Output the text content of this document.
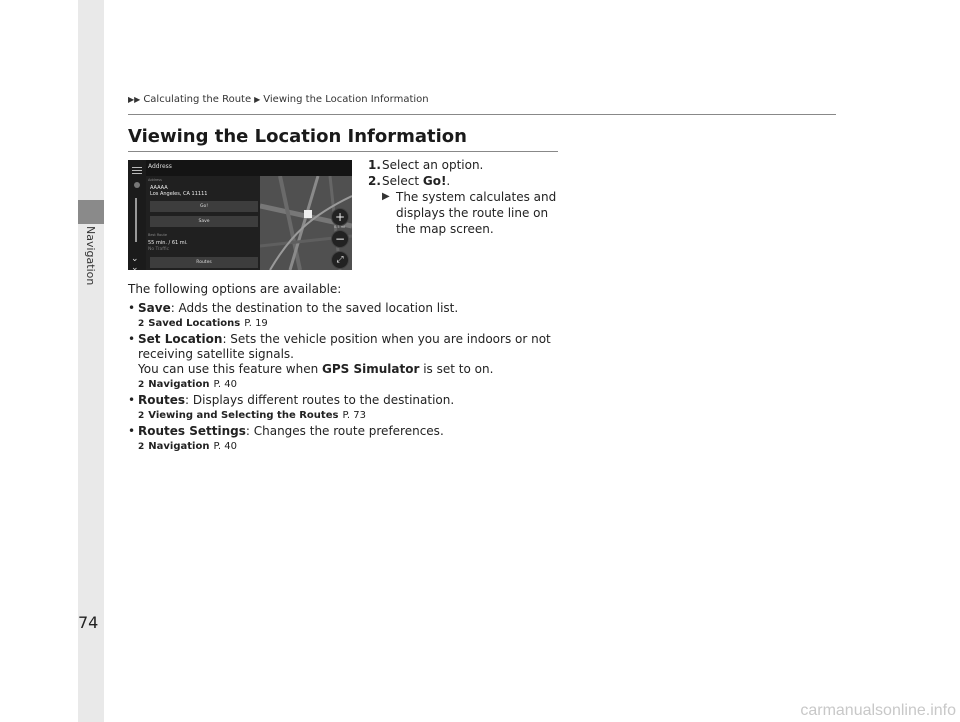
Navigation
▶▶ Calculating the Route ▶ Viewing the Location Information
Viewing the Location Information
⌄
⌄
Address
Address
AAAAA
Los Angeles, CA 11111
Go!
Save
Best Route
55 min. / 61 mi.
No Traffic
Routes
+
0.5 mi
−
⤢
1. Select an option.
2. Select Go!.
▶ The system calculates and displays the route line on the map screen.

The following options are available:

• Save: Adds the destination to the saved location list.
2 Saved Locations P. 19
• Set Location: Sets the vehicle position when you are indoors or not receiving satellite signals.
You can use this feature when GPS Simulator is set to on.
2 Navigation P. 40
• Routes: Displays different routes to the destination.
2 Viewing and Selecting the Routes P. 73
• Routes Settings: Changes the route preferences.
2 Navigation P. 40
74
carmanualsonline.info
